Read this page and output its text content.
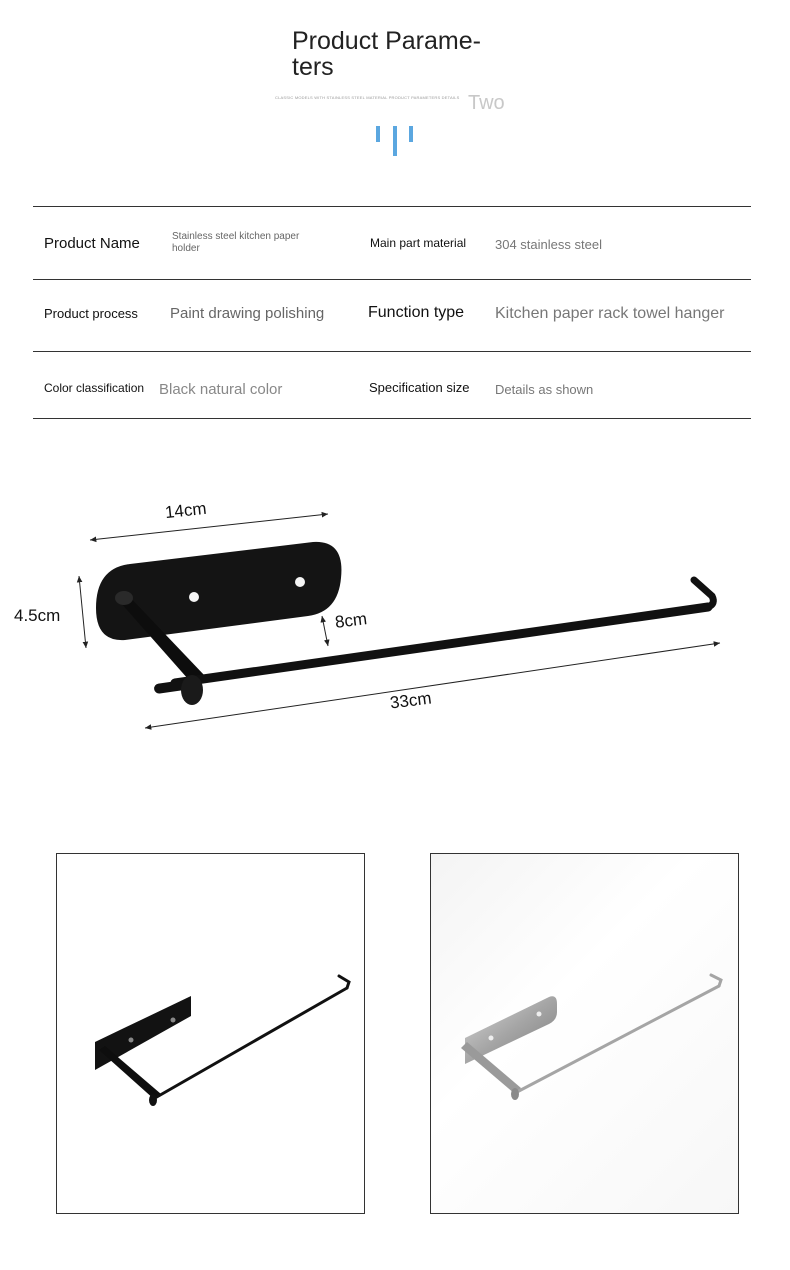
Product Parame- ters
CLASSIC MODELS WITH STAINLESS STEEL MATERIAL PRODUCT PARAMETERS DETAILS Two
Product Name	Stainless steel kitchen paper holder	Main part material 304 stainless steel
Product process Paint drawing polishing	Function type Kitchen paper rack towel hanger
Color classification Black natural color	Specification size Details as shown
14cm
4.5cm	8cm
33cm
